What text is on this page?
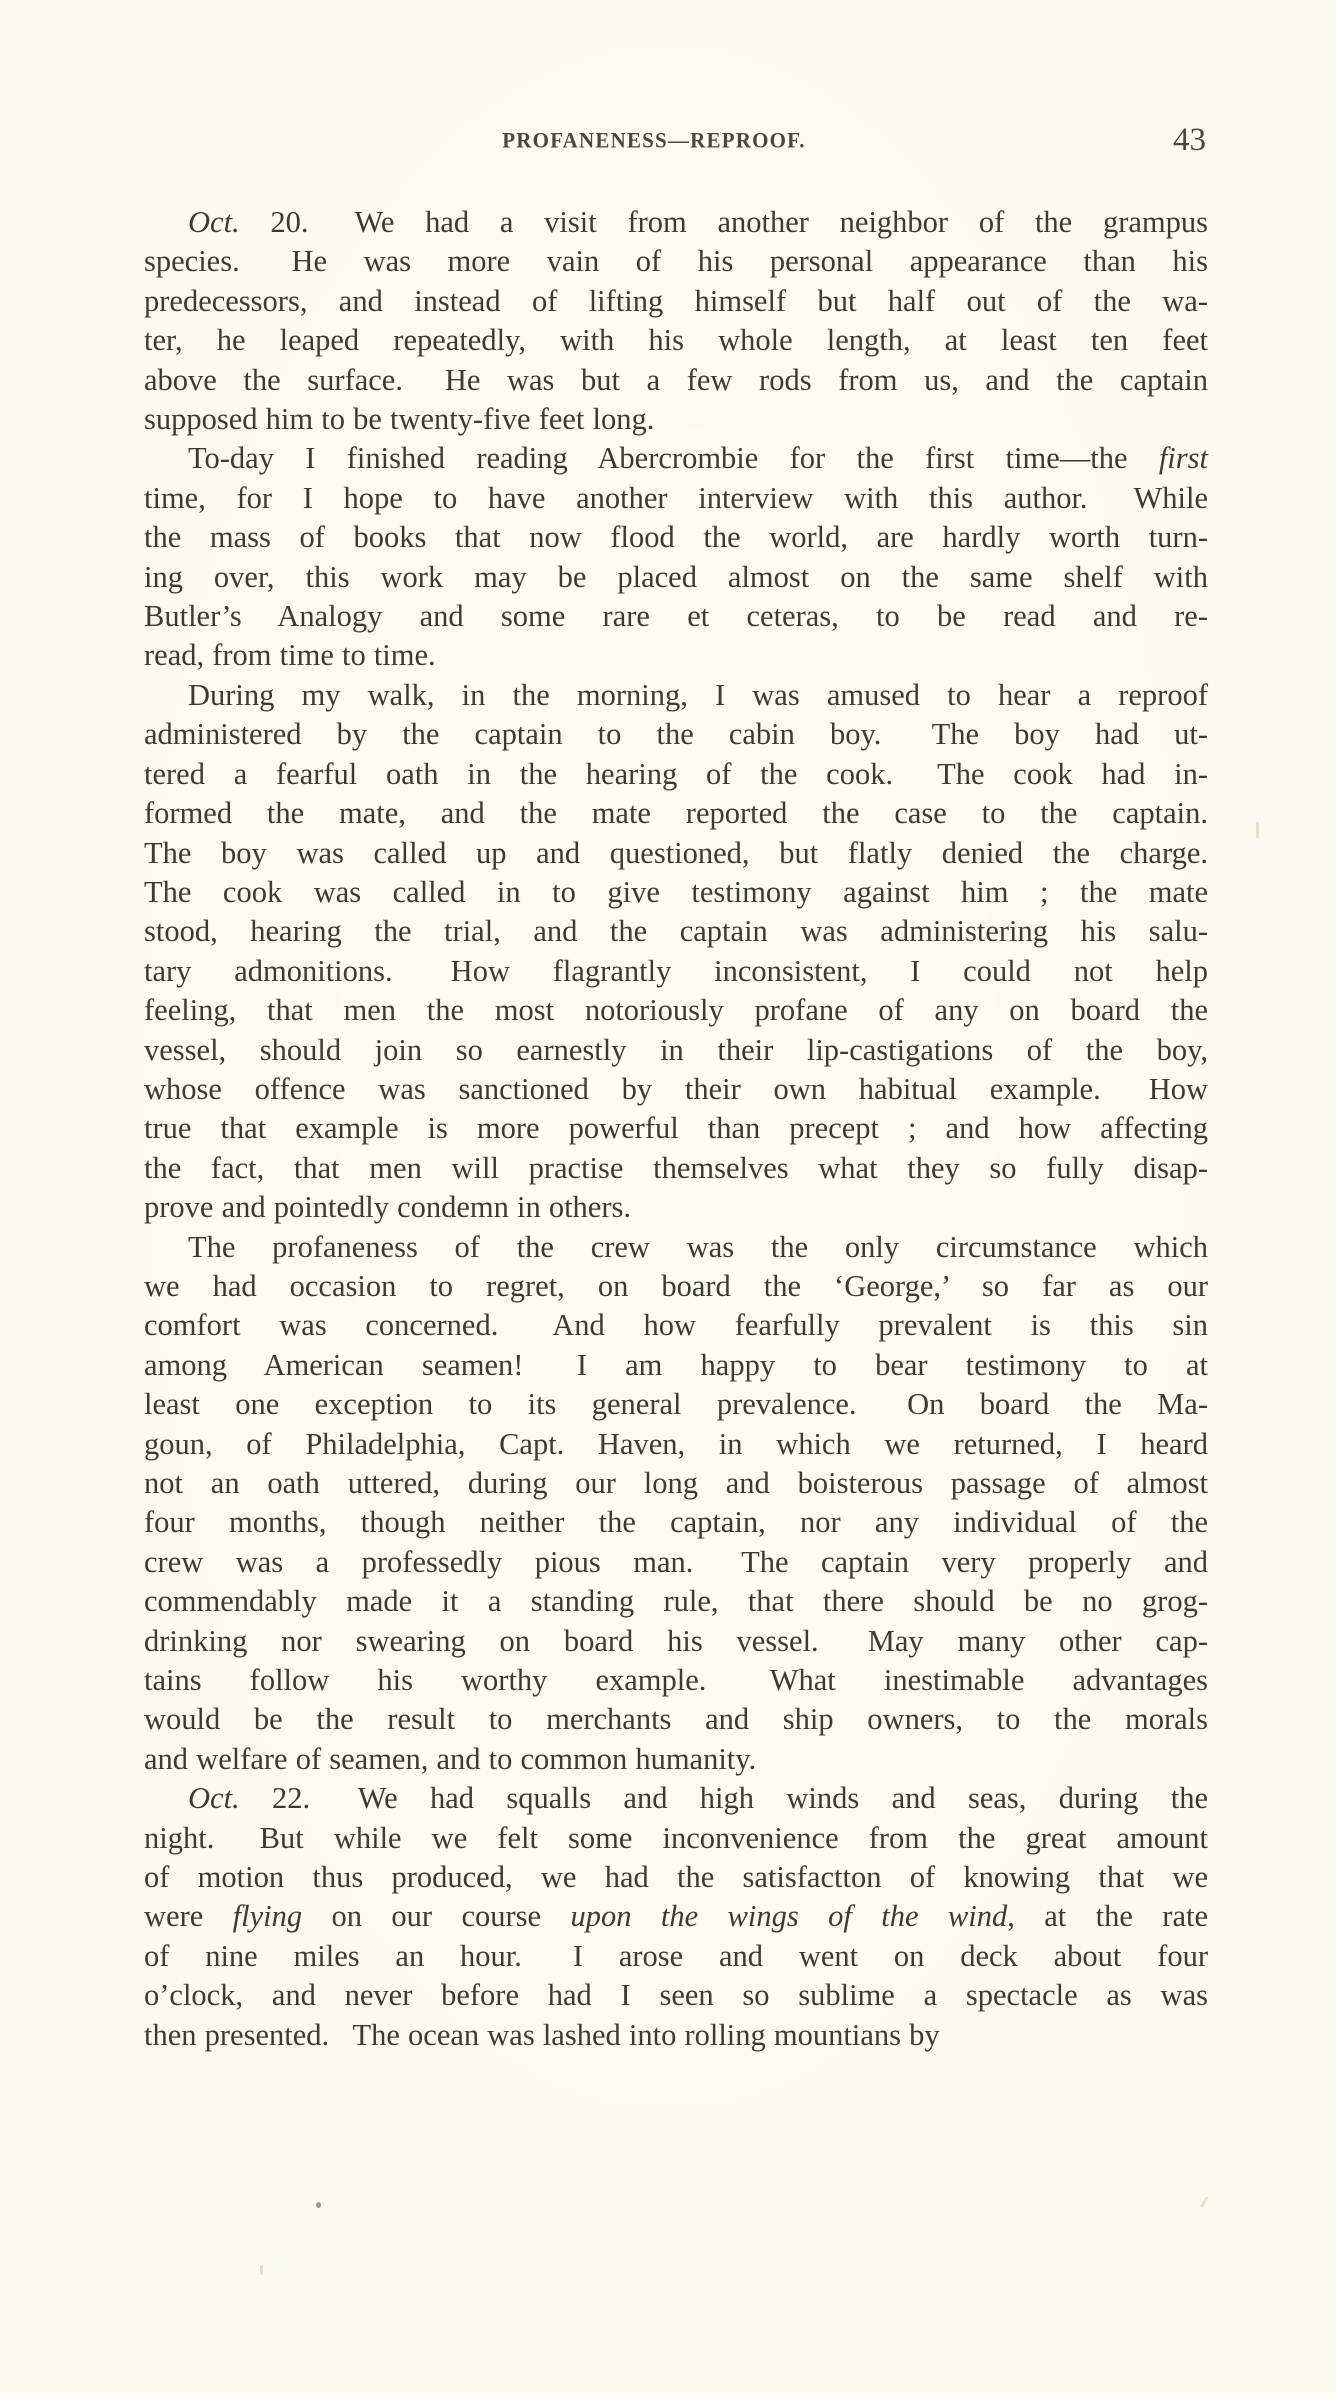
PROFANENESS—REPROOF.	43
Oct. 20.  We had a visit from another neighbor of the grampus
species.  He was more vain of his personal appearance than his
predecessors, and instead of lifting himself but half out of the wa-
ter, he leaped repeatedly, with his whole length, at least ten feet
above the surface.  He was but a few rods from us, and the captain
supposed him to be twenty-five feet long.
To-day I finished reading Abercrombie for the first time—the first
time, for I hope to have another interview with this author.  While
the mass of books that now flood the world, are hardly worth turn-
ing over, this work may be placed almost on the same shelf with
Butler’s Analogy and some rare et ceteras, to be read and re-
read, from time to time.
During my walk, in the morning, I was amused to hear a reproof
administered by the captain to the cabin boy.  The boy had ut-
tered a fearful oath in the hearing of the cook.  The cook had in-
formed the mate, and the mate reported the case to the captain.
The boy was called up and questioned, but flatly denied the charge.
The cook was called in to give testimony against him ; the mate
stood, hearing the trial, and the captain was administering his salu-
tary admonitions.  How flagrantly inconsistent, I could not help
feeling, that men the most notoriously profane of any on board the
vessel, should join so earnestly in their lip-castigations of the boy,
whose offence was sanctioned by their own habitual example.  How
true that example is more powerful than precept ; and how affecting
the fact, that men will practise themselves what they so fully disap-
prove and pointedly condemn in others.
The profaneness of the crew was the only circumstance which
we had occasion to regret, on board the ‘George,’ so far as our
comfort was concerned.  And how fearfully prevalent is this sin
among American seamen!  I am happy to bear testimony to at
least one exception to its general prevalence.  On board the Ma-
goun, of Philadelphia, Capt. Haven, in which we returned, I heard
not an oath uttered, during our long and boisterous passage of almost
four months, though neither the captain, nor any individual of the
crew was a professedly pious man.  The captain very properly and
commendably made it a standing rule, that there should be no grog-
drinking nor swearing on board his vessel.  May many other cap-
tains follow his worthy example.  What inestimable advantages
would be the result to merchants and ship owners, to the morals
and welfare of seamen, and to common humanity.
Oct. 22.  We had squalls and high winds and seas, during the
night.  But while we felt some inconvenience from the great amount
of motion thus produced, we had the satisfactton of knowing that we
were flying on our course upon the wings of the wind, at the rate
of nine miles an hour.  I arose and went on deck about four
o’clock, and never before had I seen so sublime a spectacle as was
then presented.  The ocean was lashed into rolling mountians by
